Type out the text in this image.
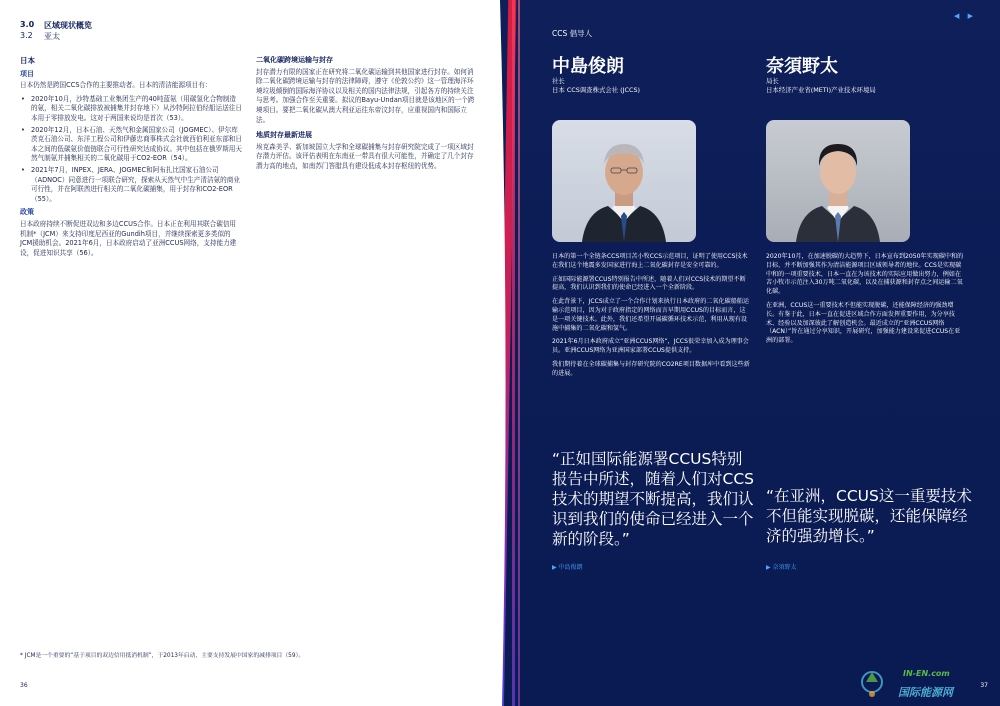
3.0 区域现状概览
3.2 亚太
日本
项目
日本仍然是跨国CCS合作的主要推动者。日本的清洁能源项目有：
• 2020年10月，沙特基础工业集团生产的40吨蓝氨（用碳氢化合物制造的氨，相关二氧化碳排放被捕集并封存地下）从沙特阿拉伯经船运送往日本用于零排放发电。这对于两国来说均是首次（53）。
• 2020年12月，日本石油、天然气和金属国家公司（JOGMEC）、伊尔库茨克石油公司、东洋工程公司和伊藤忠商事株式会社就西伯利亚东部和日本之间的低碳氨价值链联合可行性研究达成协议。其中包括在俄罗斯用天然气制氨并捕集相关的二氧化碳用于CO2-EOR（54）。
• 2021年7月，INPEX、JERA、JOGMEC和阿布扎比国家石油公司（ADNOC）同意进行一项联合研究，探索从天然气中生产清洁氨的商业可行性，并在阿联酋进行相关的二氧化碳捕集，用于封存和CO2-EOR（55）。
政策
日本政府持续不断促进双边和多边CCUS合作。日本正在利用其联合碳信用机制*（JCM）来支持印度尼西亚的Gundih项目，并继续探索更多类似的JCM援助机会。2021年6月，日本政府启动了亚洲CCUS网络，支持能力建设，促进知识共享（56）。
二氧化碳跨境运输与封存
封存潜力有限的国家正在研究将二氧化碳运输到其他国家进行封存。如何消除二氧化碳跨境运输与封存的法律障碍，遵守《伦敦公约》这一管理海洋环境垃圾倾倒的国际海洋协议以及相关的国内法律法规，引起各方的持续关注与思考。加强合作至关重要。拟议的Bayu-Undan项目就是该地区的一个跨境项目。要把二氧化碳从澳大利亚运往东帝汶封存，应重视国内和国际立法。
地质封存最新进展
埃克森美孚、新加坡国立大学和全球碳捕集与封存研究院完成了一项区域封存潜力评估。该评估表明在东南亚一带具有很大可能性，并确定了几个封存潜力高的地点，如南苏门答腊具有建设低成本封存枢纽的优势。
* JCM是一个重要的“基于项目的双边信用抵消机制”，于2013年启动，主要支持发展中国家的减排项目（59）。
36
◀ ▶
CCS 倡导人
中島俊朗
社长
日本 CCS调查株式会社 (JCCS)
奈須野太
局长
日本经济产业省(METI)产业技术环境局
日本的第一个全链条CCS项目苫小牧CCS示范项目，证明了使用CCS技术在我们这个地震多发国家进行海上二氧化碳封存是安全可靠的。
正如国际能源署CCUS特别报告中所述，随着人们对CCS技术的期望不断提高，我们认识到我们的使命已经进入一个全新阶段。
在此背景下，JCCS成立了一个合作计划来执行日本政府的二氧化碳船舶运输示范项目，因为对于政府指定的网络而言早期用CCUS的目标而言，这是一项关键技术。此外，我们还希望开展碳循环技术示范，利用从现有设施中捕集的二氧化碳和氢气。
2021年6月日本政府成立“亚洲CCUS网络”，JCCS很荣幸加入成为理事会员。亚洲CCUS网络为亚洲国家部署CCUS提供支持。
我们期待着在全球碳捕集与封存研究院的CO2RE项目数据库中看到这些新的进展。
2020年10月，在加速脱碳的大趋势下，日本宣布到2050年实现碳中和的目标，并不断加强其作为清洁能源项目区域领导者的地位。CCS是实现碳中和的一项重要技术，日本一直在为该技术的实际应用做出努力，例如在苫小牧市示范注入30万吨二氧化碳，以及在捕获源和封存点之间运输二氧化碳。
在亚洲，CCUS这一重要技术不但能实现脱碳，还能保障经济的强劲增长。有鉴于此，日本一直在促进区域合作方面发挥重要作用，为分享技术、经验以及加深彼此了解创造机会。最近成立的“亚洲CCUS网络（ACN）”旨在通过分享知识，开展研究，加强能力建设来促进CCUS在亚洲的部署。
“正如国际能源署CCUS特别报告中所述，随着人们对CCS技术的期望不断提高，我们认识到我们的使命已经进入一个新的阶段。”
“在亚洲，CCUS这一重要技术不但能实现脱碳，还能保障经济的强劲增长。”
▶ 中島俊朗	▶ 奈須野太
37
IN-EN.com
国际能源网
